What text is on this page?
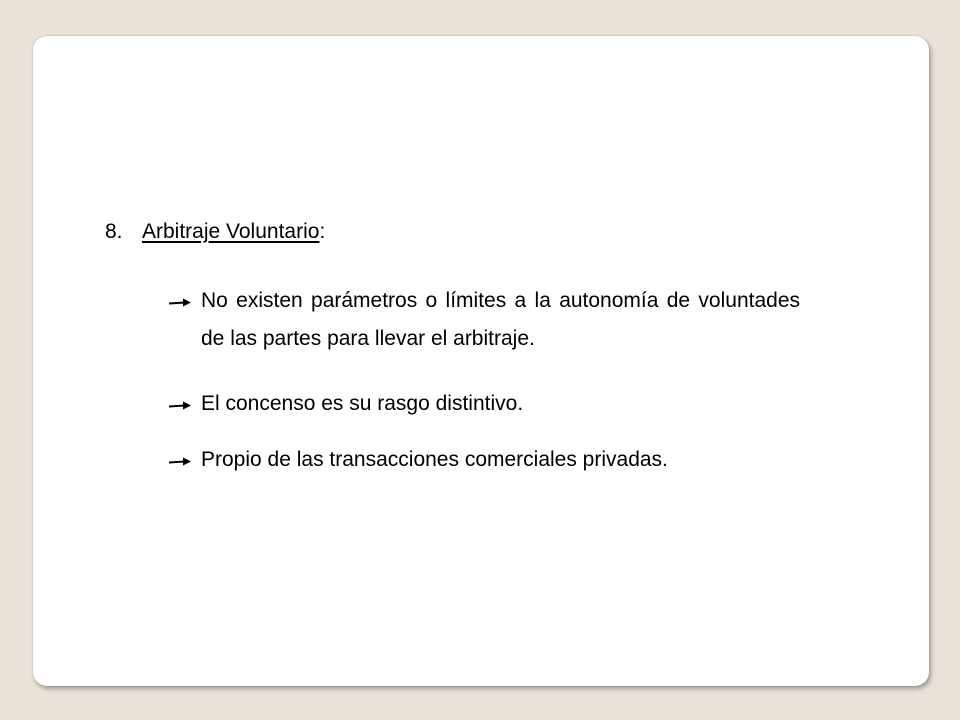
8. Arbitraje Voluntario:
No existen parámetros o límites a la autonomía de voluntades de las partes para llevar el arbitraje.
El concenso es su rasgo distintivo.
Propio de las transacciones comerciales privadas.
